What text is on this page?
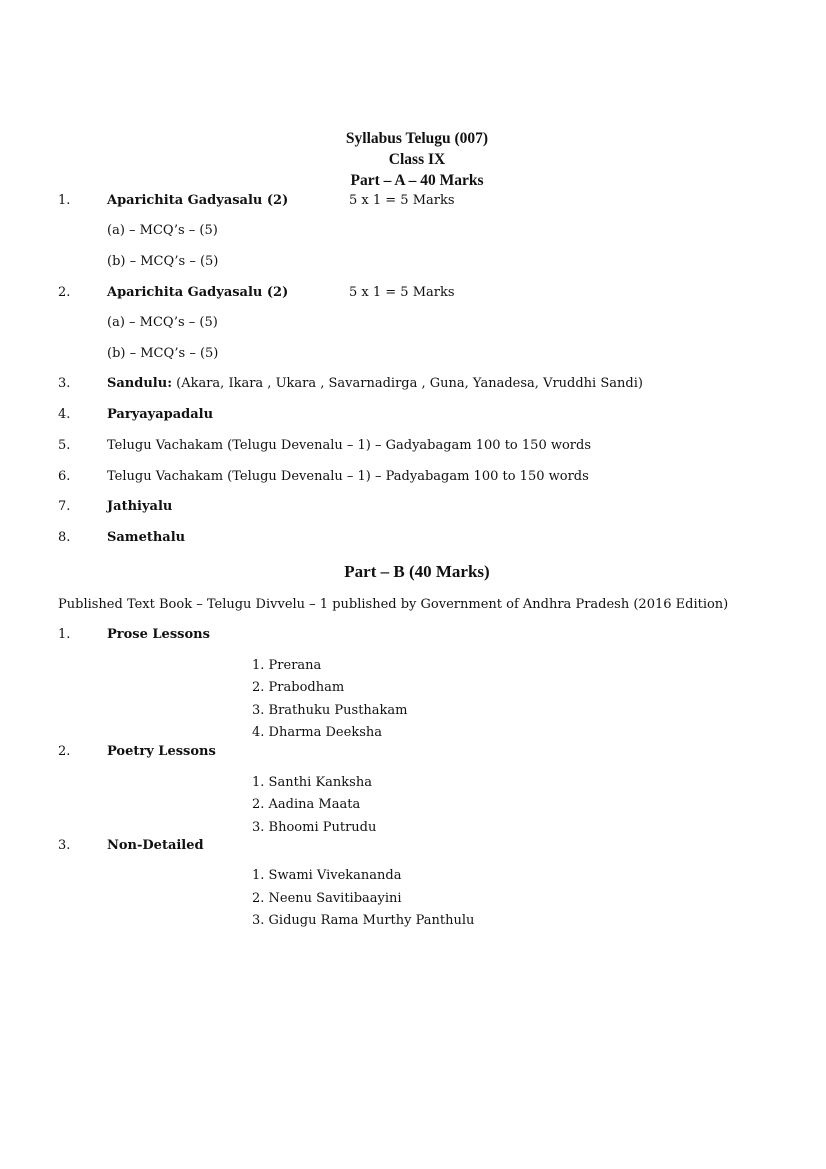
Syllabus Telugu (007)
Class IX
Part – A – 40 Marks
1.	Aparichita Gadyasalu (2)	5 x 1 = 5 Marks
(a) – MCQ’s – (5)
(b) – MCQ’s – (5)
2.	Aparichita Gadyasalu (2)	5 x 1 = 5 Marks
(a) – MCQ’s – (5)
(b) – MCQ’s – (5)
3.	Sandulu: (Akara, Ikara , Ukara , Savarnadirga , Guna, Yanadesa, Vruddhi Sandi)
4.	Paryayapadalu
5.	Telugu Vachakam (Telugu Devenalu – 1) – Gadyabagam 100 to 150 words
6.	Telugu Vachakam (Telugu Devenalu – 1) – Padyabagam 100 to 150 words
7.	Jathiyalu
8.	Samethalu
Part – B (40 Marks)
Published Text Book – Telugu Divvelu – 1 published by Government of Andhra Pradesh (2016 Edition)
1.	Prose Lessons
1. Prerana
2. Prabodham
3. Brathuku Pusthakam
4. Dharma Deeksha
2.	Poetry Lessons
1. Santhi Kanksha
2. Aadina Maata
3. Bhoomi Putrudu
3.	Non-Detailed
1. Swami Vivekananda
2. Neenu Savitibaayini
3. Gidugu Rama Murthy Panthulu
